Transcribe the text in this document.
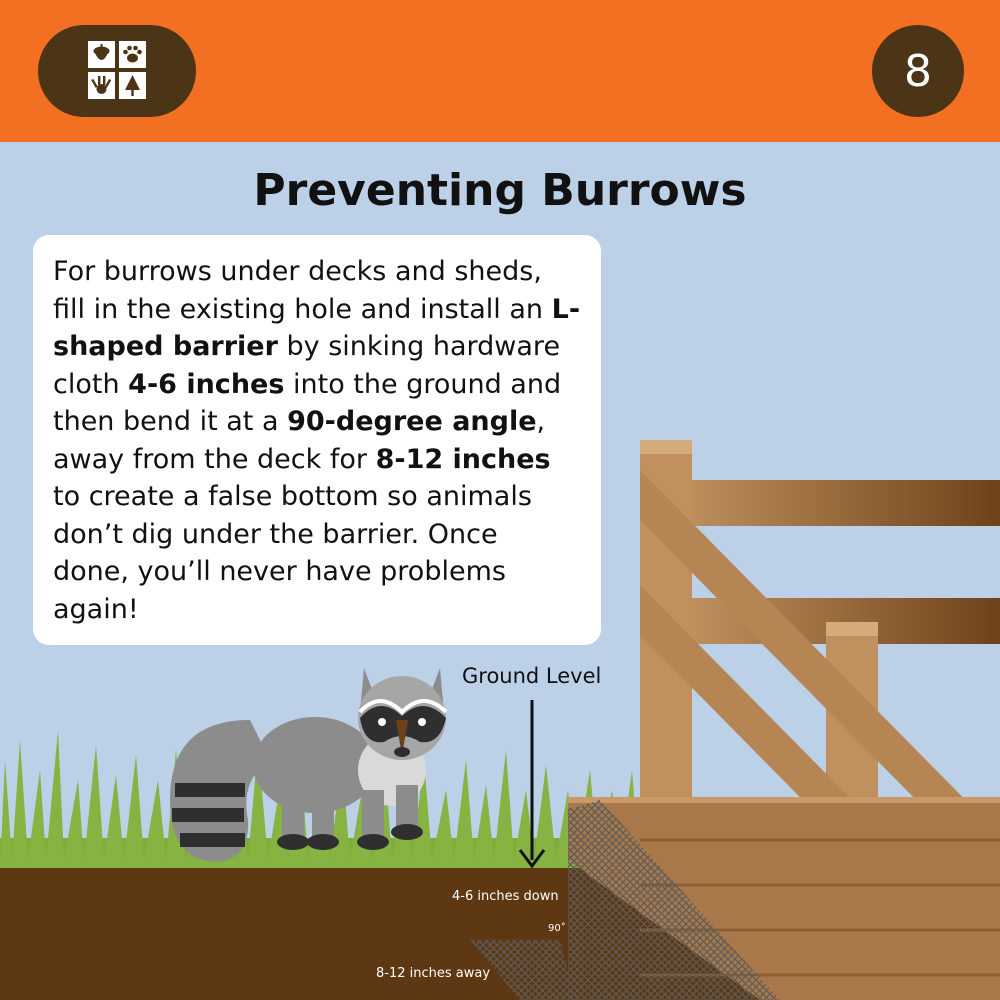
8
Preventing Burrows

For burrows under decks and sheds, fill in the existing hole and install an L-shaped barrier by sinking hardware cloth 4-6 inches into the ground and then bend it at a 90-degree angle, away from the deck for 8-12 inches to create a false bottom so animals don’t dig under the barrier. Once done, you’ll never have problems again!

Ground Level
4-6 inches down
90˚
8-12 inches away
